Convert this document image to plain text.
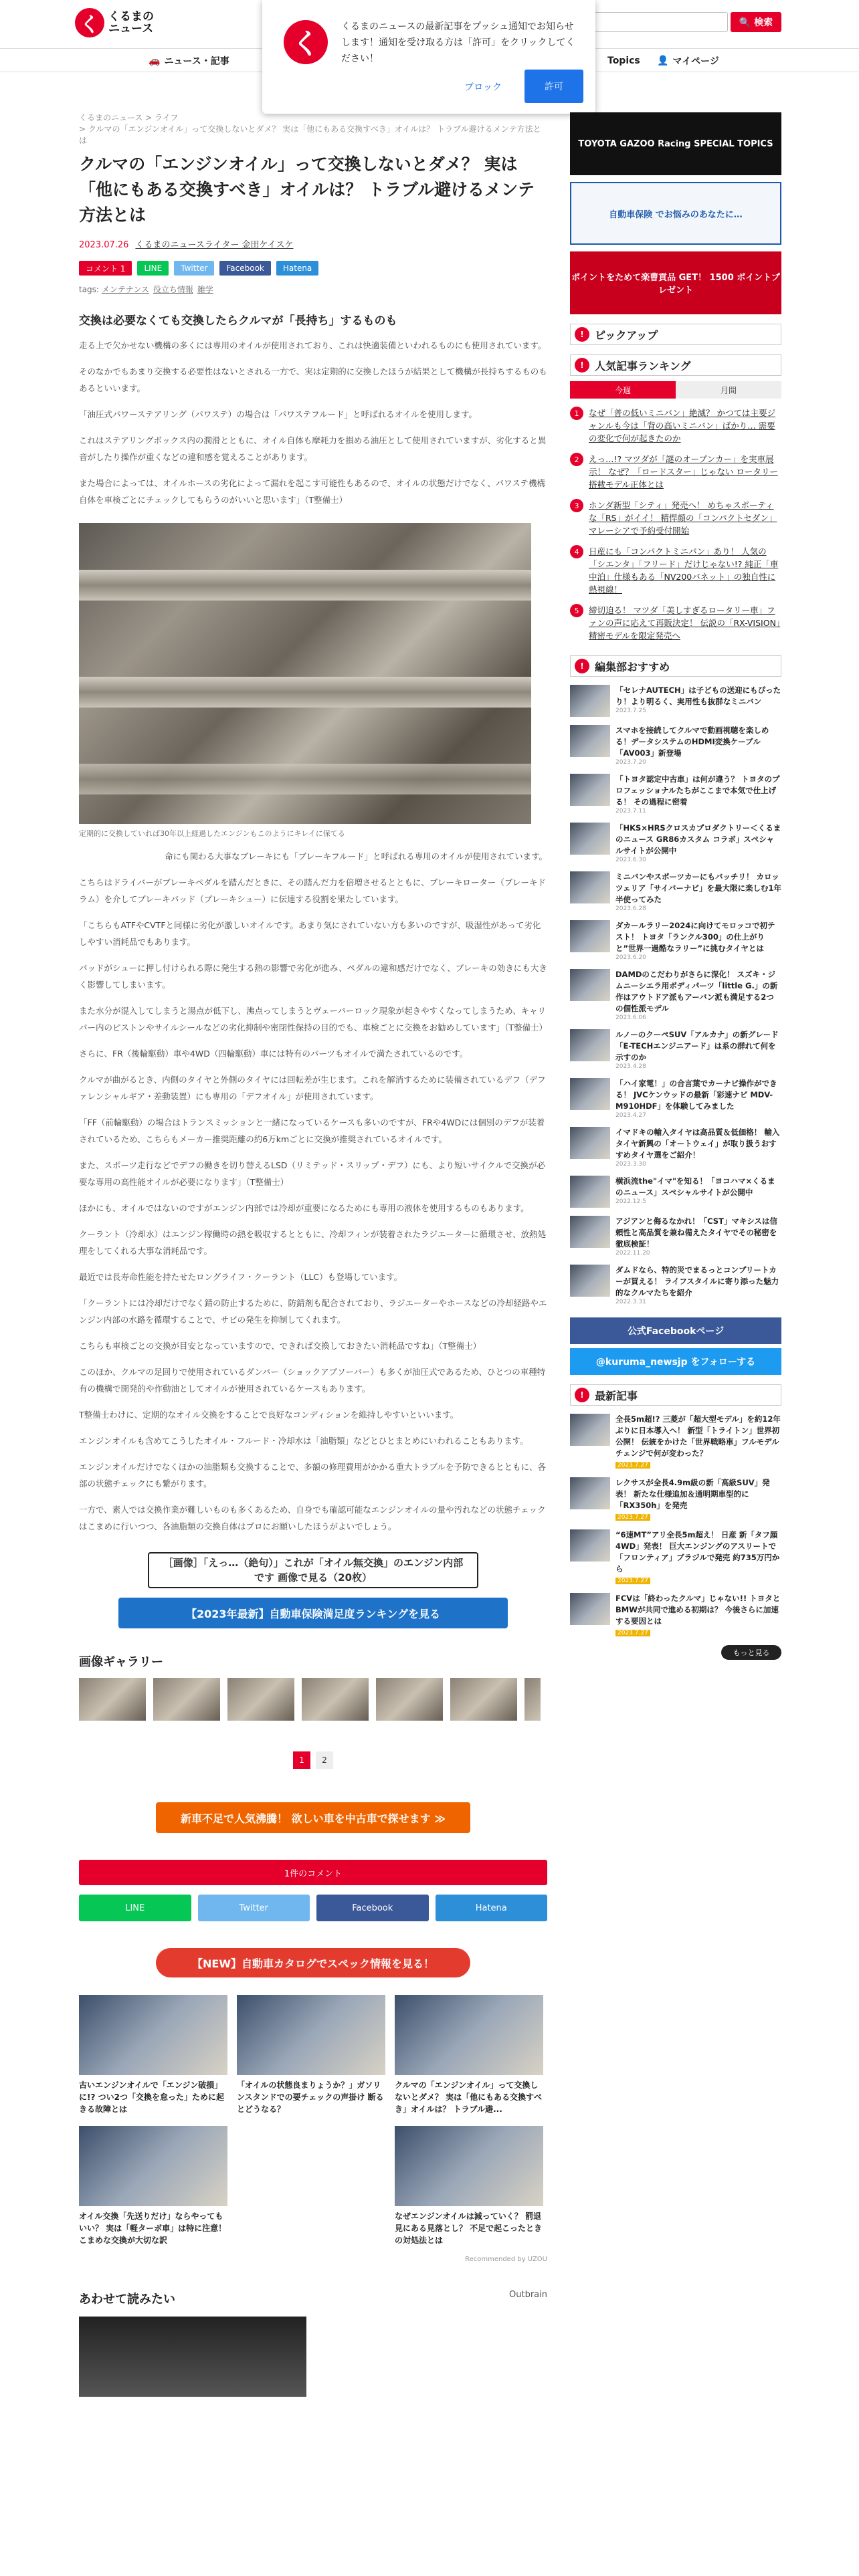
く くるまの
ニュース	🔍 検索
🚗 ニュース・記事	Topics 👤 マイページ
く
くるまのニュースの最新記事をプッシュ通知でお知らせします！通知を受け取る方は「許可」をクリックしてください！
ブロック	許可
くるまのニュース > ライフ
> クルマの「エンジンオイル」って交換しないとダメ？ 実は「他にもある交換すべき」オイルは？ トラブル避けるメンテ方法とは
クルマの「エンジンオイル」って交換しないとダメ？ 実は「他にもある交換すべき」オイルは？ トラブル避けるメンテ方法とは
2023.07.26 くるまのニュースライター 金田ケイスケ
コメント 1	LINE	Twitter	Facebook	Hatena
tags: メンテナンス 役立ち情報 雑学
交換は必要なくても交換したらクルマが「長持ち」するものも

走る上で欠かせない機構の多くには専用のオイルが使用されており、これは快適装備といわれるものにも使用されています。

そのなかでもあまり交換する必要性はないとされる一方で、実は定期的に交換したほうが結果として機構が長持ちするものもあるといいます。

「油圧式パワーステアリング（パワステ）の場合は「パワステフルード」と呼ばれるオイルを使用します。

これはステアリングボックス内の潤滑とともに、オイル自体も摩耗力を損める油圧として使用されていますが、劣化すると異音がしたり操作が重くなどの違和感を覚えることがあります。

また場合によっては、オイルホースの劣化によって漏れを起こす可能性もあるので、オイルの状態だけでなく、パワステ機構自体を車検ごとにチェックしてもらうのがいいと思います」（T整備士）

定期的に交換していれば30年以上経過したエンジンもこのようにキレイに保てる

命にも関わる大事なブレーキにも「ブレーキフルード」と呼ばれる専用のオイルが使用されています。

こちらはドライバーがブレーキペダルを踏んだときに、その踏んだ力を倍増させるとともに、ブレーキローター（ブレーキドラム）を介してブレーキパッド（ブレーキシュー）に伝達する役割を果たしています。

「こちらもATFやCVTFと同様に劣化が激しいオイルです。あまり気にされていない方も多いのですが、吸湿性があって劣化しやすい消耗品でもあります。

パッドがシューに押し付けられる際に発生する熱の影響で劣化が進み、ペダルの違和感だけでなく、ブレーキの効きにも大きく影響してしまいます。

また水分が混入してしまうと湯点が低下し、沸点ってしまうとヴェーパーロック現象が起きやすくなってしまうため、キャリパー内のピストンやサイルシールなどの劣化抑制や密閉性保持の目的でも、車検ごとに交換をお勧めしています」（T整備士）

さらに、FR（後輪駆動）車や4WD（四輪駆動）車には特有のパーツもオイルで満たされているのです。

クルマが曲がるとき、内側のタイヤと外側のタイヤには回転差が生じます。これを解消するために装備されているデフ（デファレンシャルギア・差動装置）にも専用の「デフオイル」が使用されています。

「FF（前輪駆動）の場合はトランスミッションと一緒になっているケースも多いのですが、FRや4WDには個別のデフが装着されているため、こちらもメーカー推奨距離の約6万kmごとに交換が推奨されているオイルです。

また、スポーツ走行などでデフの働きを切り替えるLSD（リミテッド・スリップ・デフ）にも、より短いサイクルで交換が必要な専用の高性能オイルが必要になります」（T整備士）

ほかにも、オイルではないのですがエンジン内部では冷却が重要になるためにも専用の液体を使用するものもあります。

クーラント（冷却水）はエンジン稼働時の熱を吸収するとともに、冷却フィンが装着されたラジエーターに循環させ、放熱処理をしてくれる大事な消耗品です。

最近では長寿命性能を持たせたロングライフ・クーラント（LLC）も登場しています。

「クーラントには冷却だけでなく錆の防止するために、防錆剤も配合されており、ラジエーターやホースなどの冷却経路やエンジン内部の水路を循環することで、サビの発生を抑制してくれます。

こちらも車検ごとの交換が目安となっていますので、できれば交換しておきたい消耗品ですね」（T整備士）

このほか、クルマの足回りで使用されているダンパー（ショックアブソーバー）も多くが油圧式であるため、ひとつの車種特有の機構で開発的や作動油としてオイルが使用されているケースもあります。

T整備士わけに、定期的なオイル交換をすることで良好なコンディションを維持しやすいといいます。

エンジンオイルも含めてこうしたオイル・フルード・冷却水は「油脂類」などとひとまとめにいわれることもあります。

エンジンオイルだけでなくほかの油脂類も交換することで、多額の修理費用がかかる重大トラブルを予防できるとともに、各部の状態チェックにも繋がります。

一方で、素人では交換作業が難しいものも多くあるため、自身でも確認可能なエンジンオイルの量や汚れなどの状態チェックはこまめに行いつつ、各油脂類の交換自体はプロにお願いしたほうがよいでしょう。

［画像］「えっ…（絶句）」これが「オイル無交換」のエンジン内部です 画像で見る（20枚）
【2023年最新】自動車保険満足度ランキングを見る
画像ギャラリー
1	2
新車不足で人気沸騰！ 欲しい車を中古車で探せます ≫
1件のコメント
LINE	Twitter	Facebook	Hatena
【NEW】自動車カタログでスペック情報を見る！
古いエンジンオイルで「エンジン破損」に!? つい2つ「交換を怠った」ために起きる故障とは
「オイルの状態良まりょうか？」ガソリンスタンドでの要チェックの声掛け 断るとどうなる？
クルマの「エンジンオイル」って交換しないとダメ？ 実は「他にもある交換すべき」オイルは？ トラブル避...
オイル交換「先送りだけ」ならやってもいい？ 実は「軽ターボ車」は特に注意！ こまめな交換が大切な訳
なぜエンジンオイルは減っていく？ 罰退見にある見落とし？ 不足で起こったときの対処法とは
Recommended by UZOU
あわせて読みたい	Outbrain
TOYOTA GAZOO Racing SPECIAL TOPICS
自動車保険 でお悩みのあなたに…
ポイントをためて楽曹貢品 GET！ 1500 ポイントプレゼント
!	ピックアップ
!	人気記事ランキング
今週	月間
1	なぜ「普の低いミニバン」絶滅？ かつては主要ジャンルも今は「背の高いミニバン」ばかり… 需要の変化で何が起きたのか
2	えっ…!? マツダが「謎のオープンカー」を実車展示！ なぜ？「ロードスター」じゃない ロータリー搭載モデル正体とは
3	ホンダ新型「シティ」発売へ！ めちゃスポーティな「RS」がイイ！ 精悍顔の「コンパクトセダン」マレーシアで予約受付開始
4	日産にも「コンパクトミニバン」あり！ 人気の「シエンタ」「フリード」だけじゃない!? 純正「車中泊」仕様もある「NV200バネット」の独自性に熱視線！
5	締切迫る！ マツダ「美しすぎるロータリー車」ファンの声に応えて再販決定！ 伝説の「RX-VISION」精密モデルを限定発売へ
!	編集部おすすめ
「セレナAUTECH」は子どもの送迎にもぴったり！より明るく、実用性も抜群なミニバン
2023.7.25
スマホを接続してクルマで動画視聴を楽しめる！データシステムのHDMI変換ケーブル「AV003」新登場
2023.7.20
「トヨタ認定中古車」は何が違う？ トヨタのプロフェッショナルたちがここまで本気で仕上げる！ その過程に密着
2023.7.11
「HKS×HRSクロスカプロダクトリー＜くるまのニュース GR86カスタム コラボ」スペシャルサイトが公開中
2023.6.30
ミニバンやスポーツカーにもバッチリ！ カロッツェリア「サイバーナビ」を最大限に楽しむ1年半使ってみた
2023.6.28
ダカールラリー2024に向けてモロッコで初テスト！ トヨタ「ランクル300」の仕上がりと”世界一過酷なラリー”に挑むタイヤとは
2023.6.20
DAMDのこだわりがさらに深化！ スズキ・ジムニーシエラ用ボディパーツ「little G.」の新作はアウトドア派もアーバン派も満足する2つの個性派モデル
2023.6.06
ルノーのクーペSUV「アルカナ」の新グレード「E-TECHエンジニアード」は系の群れて何を示すのか
2023.4.28
「ハイ家電！」の合言葉でカーナビ操作ができる！ JVCケンウッドの最新「彩速ナビ MDV-M910HDF」を体験してみました
2023.4.27
イマドキの輸入タイヤは高品質＆低価格！ 輸入タイヤ新興の「オートウェイ」が取り扱うおすすめタイヤ選をご紹介！
2023.3.30
横浜流the"イマ"を知る！「ヨコハマ×くるまのニュース」スペシャルサイトが公開中
2022.12.5
アジアンと侮るなかれ！「CST」マキシスは信頼性と高品質を兼ね備えたタイヤでその秘密を徹底検証！
2022.11.20
ダムドなら、特的災でまるっとコンプリートカーが買える！ ライフスタイルに寄り添った魅力的なクルマたちを紹介
2022.3.31
公式Facebookページ
@kuruma_newsjp をフォローする
!	最新記事
全長5m超!? 三菱が「超大型モデル」を約12年ぶりに日本導入へ！ 新型「トライトン」世界初公開！ 伝統をかけた「世界戦略車」フルモデルチェンジで何が変わった？
2023.7.27
レクサスが全長4.9m級の新「高級SUV」発表！ 新たな仕様追加＆通明期車型的に「RX350h」を発売
2023.7.27
“6速MT”アリ全長5m超え！ 日産 新「タフ顔4WD」発表！ 巨大エンジングのアスリートで「フロンティア」ブラジルで発売 約735万円から
2023.7.27
FCVは「終わったクルマ」じゃない!! トヨタとBMWが共同で進める初期は？ 今後さらに加速する要因とは
2023.7.27
もっと見る
